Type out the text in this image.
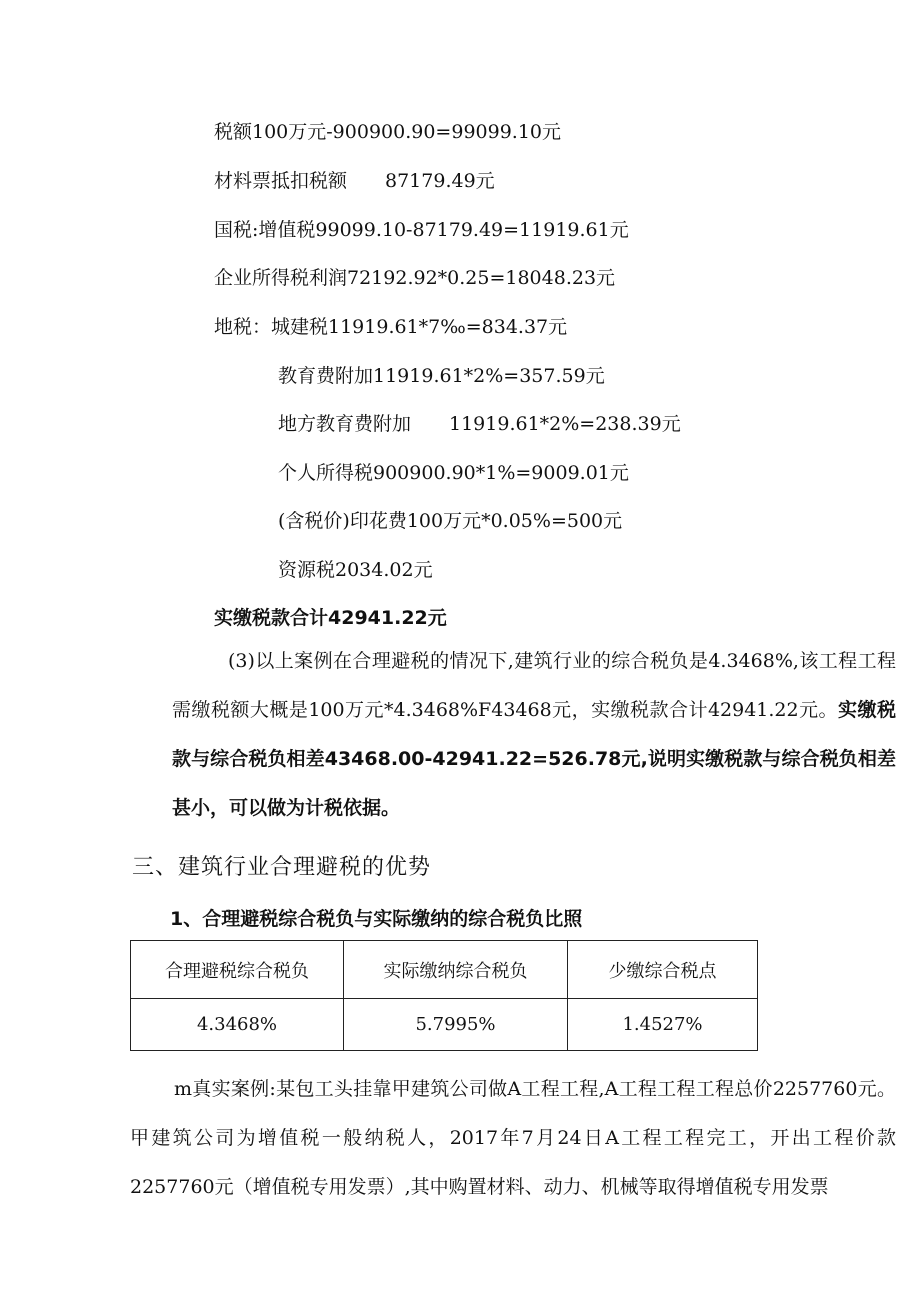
税额100万元-900900.90=99099.10元
材料票抵扣税额　　87179.49元
国税:增值税99099.10-87179.49=11919.61元
企业所得税利润72192.92*0.25=18048.23元
地税：城建税11919.61*7‰=834.37元
教育费附加11919.61*2%=357.59元
地方教育费附加　　11919.61*2%=238.39元
个人所得税900900.90*1%=9009.01元
(含税价)印花费100万元*0.05%=500元
资源税2034.02元
实缴税款合计42941.22元
(3)以上案例在合理避税的情况下,建筑行业的综合税负是4.3468%,该工程工程需缴税额大概是100万元*4.3468%F43468元，实缴税款合计42941.22元。实缴税款与综合税负相差43468.00-42941.22=526.78元,说明实缴税款与综合税负相差甚小，可以做为计税依据。
三、建筑行业合理避税的优势
1、合理避税综合税负与实际缴纳的综合税负比照
合理避税综合税负	实际缴纳综合税负	少缴综合税点
4.3468%	5.7995%	1.4527%
m真实案例:某包工头挂靠甲建筑公司做A工程工程,A工程工程工程总价2257760元。甲建筑公司为增值税一般纳税人，2017年7月24日A工程工程完工，开出工程价款2257760元（增值税专用发票）,其中购置材料、动力、机械等取得增值税专用发票
